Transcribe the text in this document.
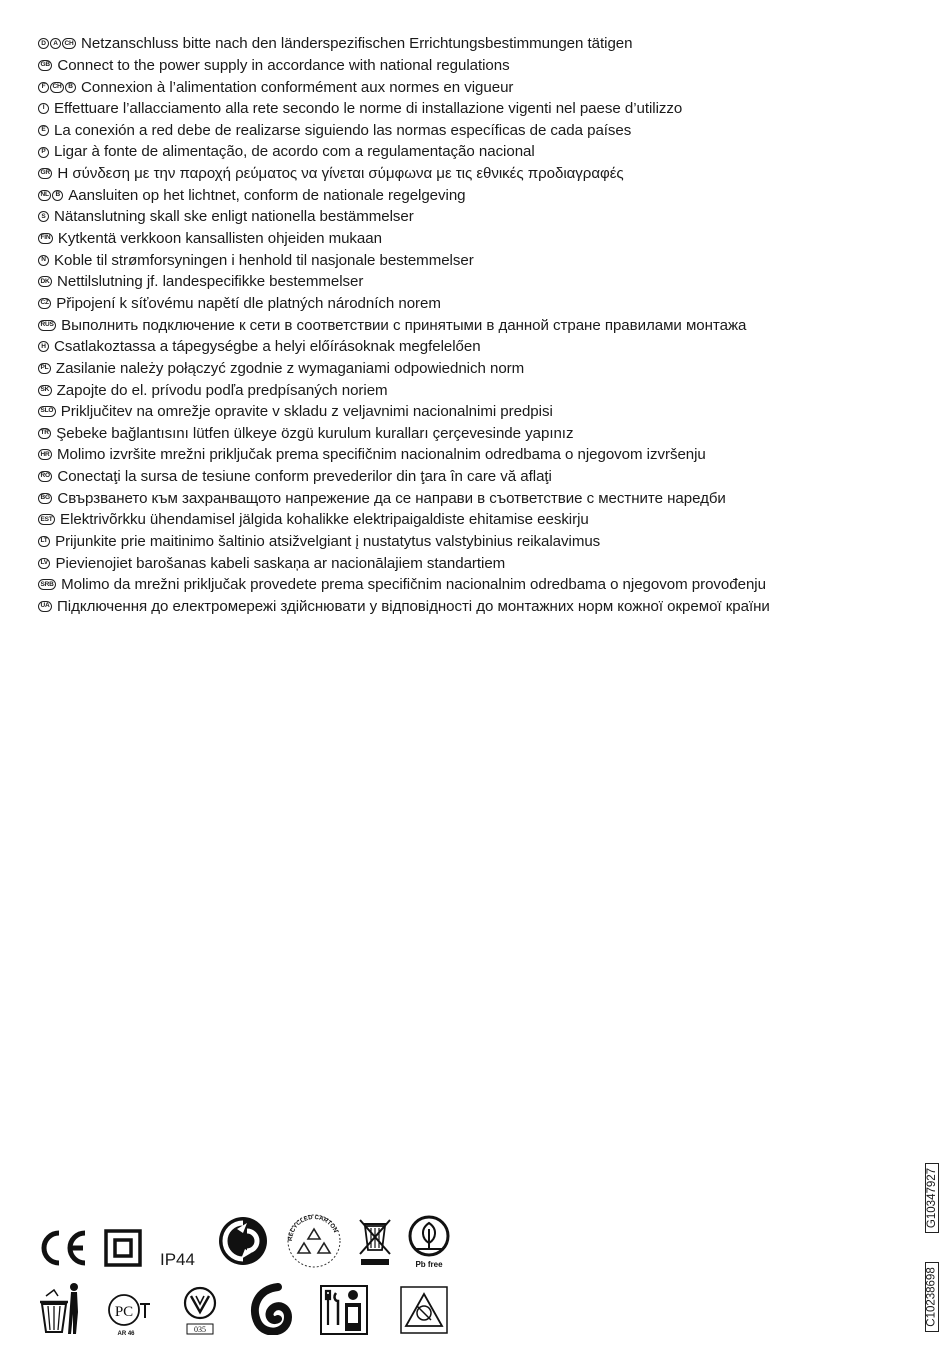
D	A	CH Netzanschluss bitte nach den länderspezifischen Errichtungsbestimmungen tätigen
GB Connect to the power supply in accordance with national regulations
F	CH	B Connexion à l’alimentation conformément aux normes en vigueur
I Effettuare l’allacciamento alla rete secondo le norme di installazione vigenti nel paese d’utilizzo
E La conexión a red debe de realizarse siguiendo las normas específicas de cada países
P Ligar à fonte de alimentação, de acordo com a regulamentação nacional
GR Η σύνδεση με την παροχή ρεύματος να γίνεται σύμφωνα με τις εθνικές προδιαγραφές
NL	B Aansluiten op het lichtnet, conform de nationale regelgeving
S Nätanslutning skall ske enligt nationella bestämmelser
FIN Kytkentä verkkoon kansallisten ohjeiden mukaan
N Koble til strømforsyningen i henhold til nasjonale bestemmelser
DK Nettilslutning jf. landespecifikke bestemmelser
CZ Připojení k síťovému napětí dle platných národních norem
RUS Выполнить подключение к сети в соответствии с принятыми в данной стране правилами монтажа
H Csatlakoztassa a tápegységbe a helyi előírásoknak megfelelően
PL Zasilanie należy połączyć zgodnie z wymaganiami odpowiednich norm
SK Zapojte do el. prívodu podľa predpísaných noriem
SLO Priključitev na omrežje opravite v skladu z veljavnimi nacionalnimi predpisi
TR Şebeke bağlantısını lütfen ülkeye özgü kurulum kuralları çerçevesinde yapınız
HR Molimo izvršite mrežni priključak prema specifičnim nacionalnim odredbama o njegovom izvršenju
RO Conectaţi la sursa de tesiune conform prevederilor din ţara în care vă aflaţi
BG Свързването към захранващото напрежение да се направи в съответствие с местните наредби
EST Elektrivõrkku ühendamisel jälgida kohalikke elektripaigaldiste ehitamise eeskirju
LT Prijunkite prie maitinimo šaltinio atsižvelgiant į nustatytus valstybinius reikalavimus
LV Pievienojiet barošanas kabeli saskaņa ar nacionālajiem standartiem
SRB Molimo da mrežni priključak provedete prema specifičnim nacionalnim odredbama o njegovom provođenju
UA Підключення до електромережі здійснювати у відповідності до монтажних норм кожної окремої країни
IP44
RECYCLED CARTON
Pb free
PC
AR 46	035
G10347927
C10238698
